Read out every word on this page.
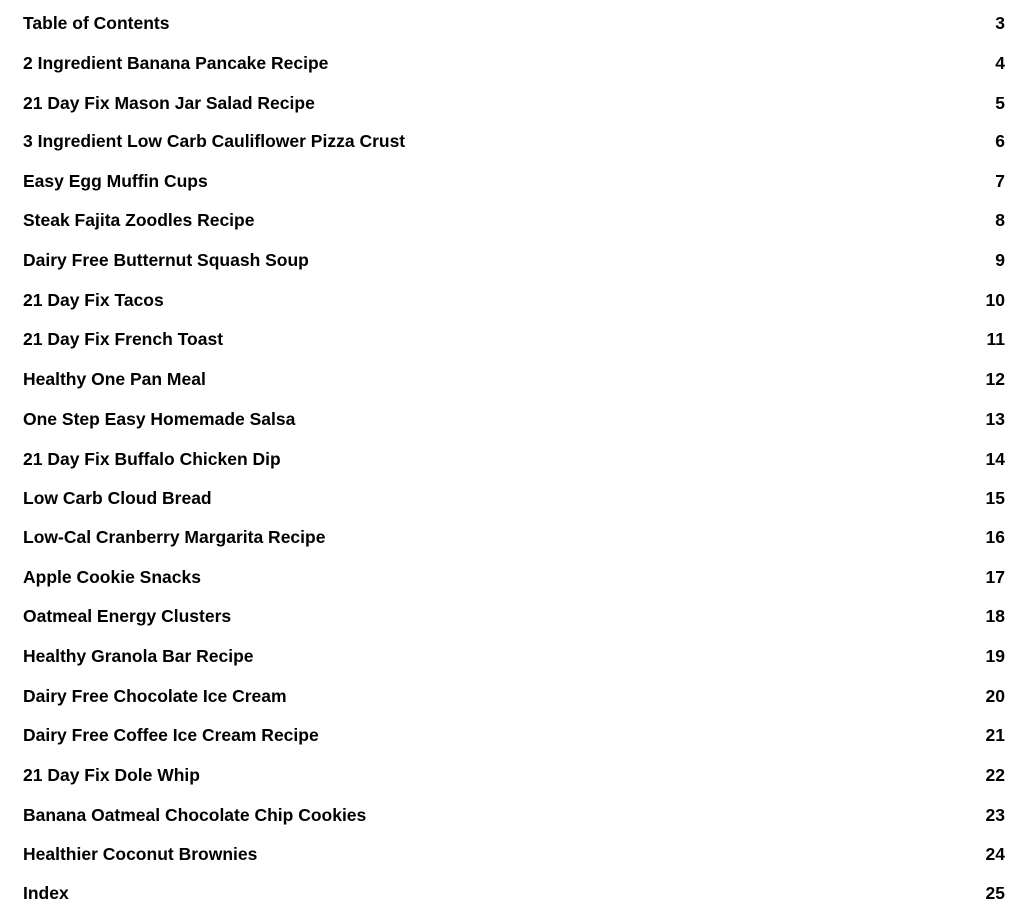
Table of Contents	3
2 Ingredient Banana Pancake Recipe	4
21 Day Fix Mason Jar Salad Recipe	5
3 Ingredient Low Carb Cauliflower Pizza Crust	6
Easy Egg Muffin Cups	7
Steak Fajita Zoodles Recipe	8
Dairy Free Butternut Squash Soup	9
21 Day Fix Tacos	10
21 Day Fix French Toast	11
Healthy One Pan Meal	12
One Step Easy Homemade Salsa	13
21 Day Fix Buffalo Chicken Dip	14
Low Carb Cloud Bread	15
Low-Cal Cranberry Margarita Recipe	16
Apple Cookie Snacks	17
Oatmeal Energy Clusters	18
Healthy Granola Bar Recipe	19
Dairy Free Chocolate Ice Cream	20
Dairy Free Coffee Ice Cream Recipe	21
21 Day Fix Dole Whip	22
Banana Oatmeal Chocolate Chip Cookies	23
Healthier Coconut Brownies	24
Index	25
